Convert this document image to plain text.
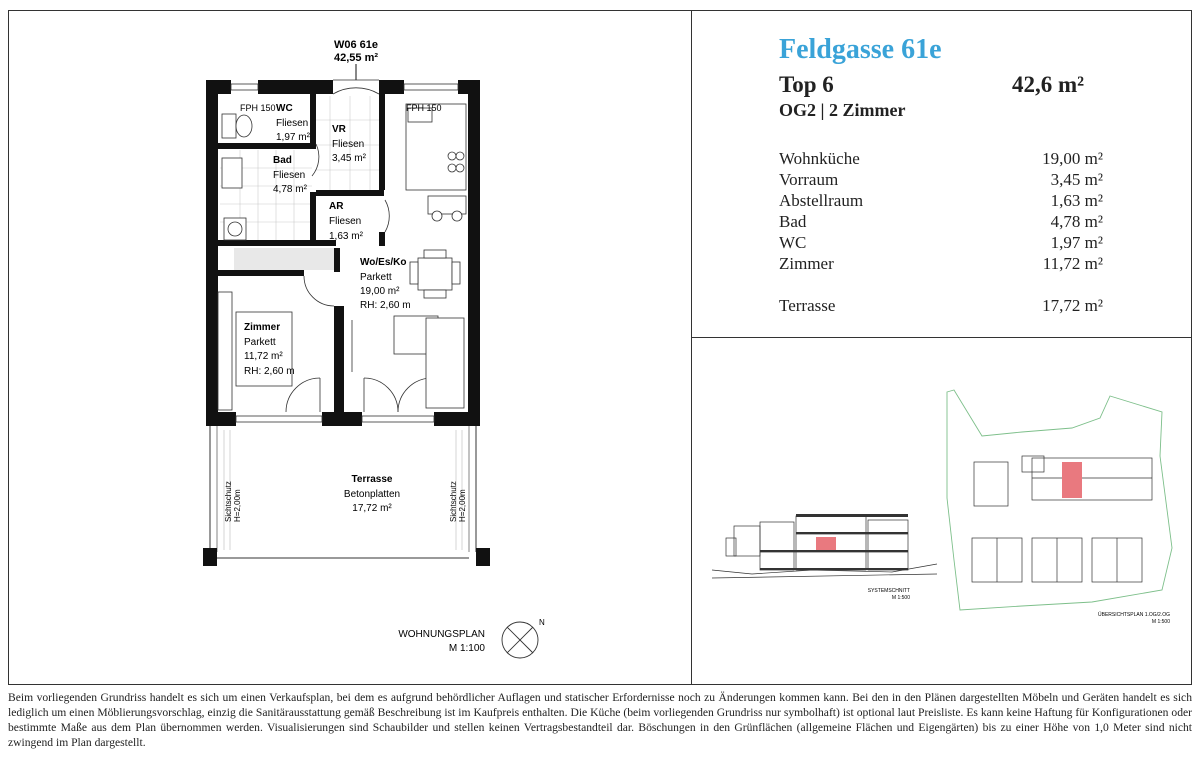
Feldgasse 61e
Top 6	42,6 m²
OG2 | 2 Zimmer
Wohnküche	19,00 m²
Vorraum	3,45 m²
Abstellraum	1,63 m²
Bad	4,78 m²
WC	1,97 m²
Zimmer	11,72 m²
Terrasse	17,72 m²
W06 61e
42,55 m²
FPH 150 WC
Fliesen
1,97 m²
FPH 150
VR
Fliesen
3,45 m²
Bad
Fliesen
4,78 m²
AR
Fliesen
1,63 m²
Wo/Es/Ko
Parkett
19,00 m²
RH: 2,60 m
Zimmer
Parkett
11,72 m²
RH: 2,60 m
Terrasse
Betonplatten
17,72 m²
Sichtschutz H=2,00m	Sichtschutz H=2,00m
WOHNUNGSPLAN
M 1:100
N
SYSTEMSCHNITT
M 1:500
ÜBERSICHTSPLAN 1.OG/2.OG
M 1:500
Beim vorliegenden Grundriss handelt es sich um einen Verkaufsplan, bei dem es aufgrund behördlicher Auflagen und statischer Erfordernisse noch zu Änderungen kommen kann. Bei den in den Plänen dargestellten Möbeln und Geräten handelt es sich lediglich um einen Möblierungsvorschlag, einzig die Sanitärausstattung gemäß Beschreibung ist im Kaufpreis enthalten. Die Küche (beim vorliegenden Grundriss nur symbolhaft) ist optional laut Preisliste. Es kann keine Haftung für Konfigurationen oder bestimmte Maße aus dem Plan übernommen werden. Visualisierungen sind Schaubilder und stellen keinen Vertragsbestandteil dar. Böschungen in den Grünflächen (allgemeine Flächen und Eigengärten) bis zu einer Höhe von 1,0 Meter sind nicht zwingend im Plan dargestellt.
